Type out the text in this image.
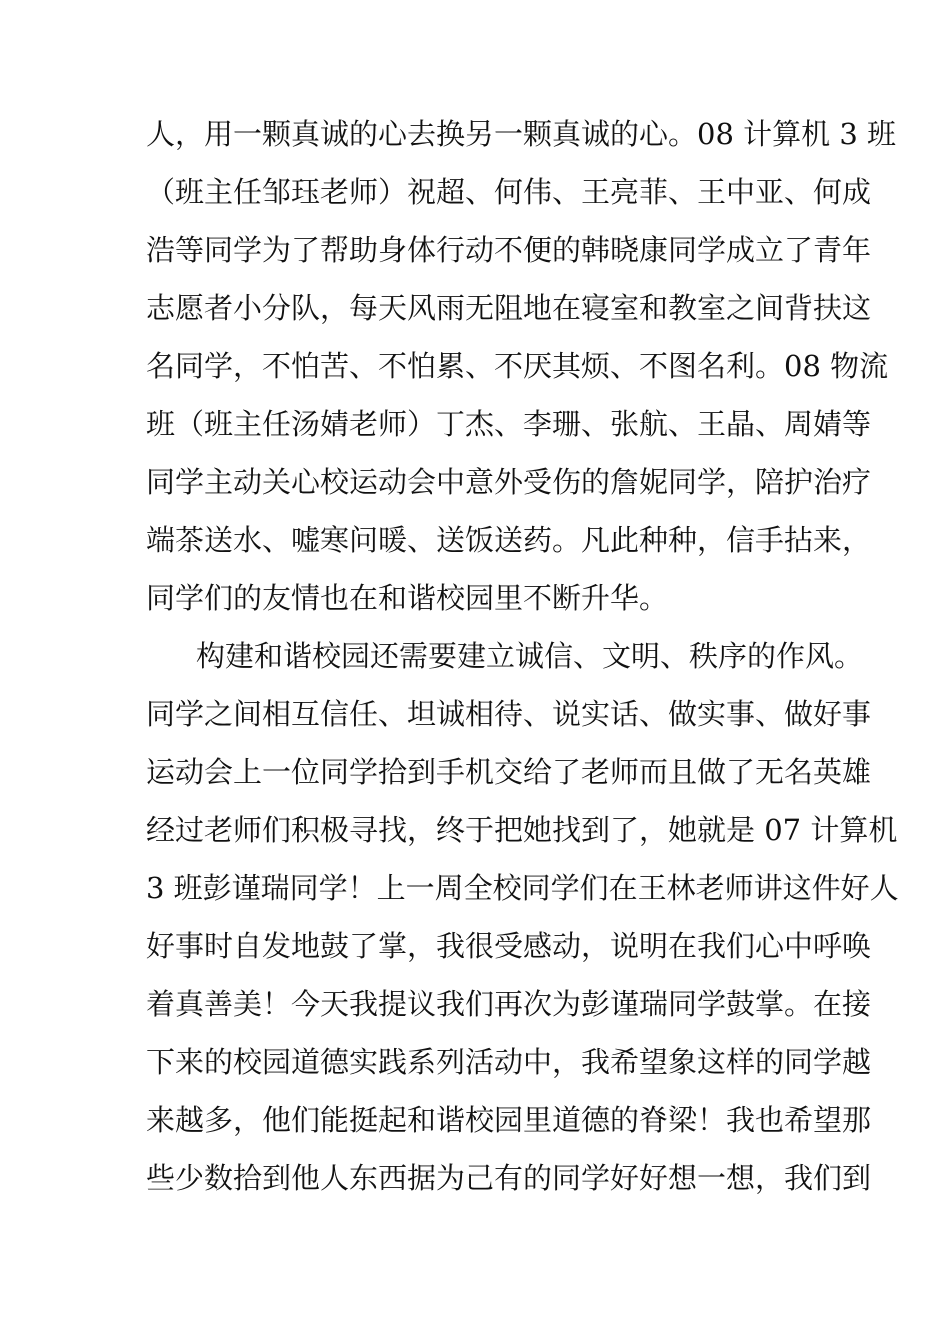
人，用一颗真诚的心去换另一颗真诚的心。08 计算机 3 班
（班主任邹珏老师）祝超、何伟、王亮菲、王中亚、何成
浩等同学为了帮助身体行动不便的韩晓康同学成立了青年
志愿者小分队，每天风雨无阻地在寝室和教室之间背扶这
名同学，不怕苦、不怕累、不厌其烦、不图名利。08 物流
班（班主任汤婧老师）丁杰、李珊、张航、王晶、周婧等
同学主动关心校运动会中意外受伤的詹妮同学，陪护治疗
端茶送水、嘘寒问暖、送饭送药。凡此种种，信手拈来，
同学们的友情也在和谐校园里不断升华。
构建和谐校园还需要建立诚信、文明、秩序的作风。
同学之间相互信任、坦诚相待、说实话、做实事、做好事
运动会上一位同学拾到手机交给了老师而且做了无名英雄
经过老师们积极寻找，终于把她找到了，她就是 07 计算机
3 班彭谨瑞同学！上一周全校同学们在王林老师讲这件好人
好事时自发地鼓了掌，我很受感动，说明在我们心中呼唤
着真善美！今天我提议我们再次为彭谨瑞同学鼓掌。在接
下来的校园道德实践系列活动中，我希望象这样的同学越
来越多，他们能挺起和谐校园里道德的脊梁！我也希望那
些少数拾到他人东西据为己有的同学好好想一想，我们到
